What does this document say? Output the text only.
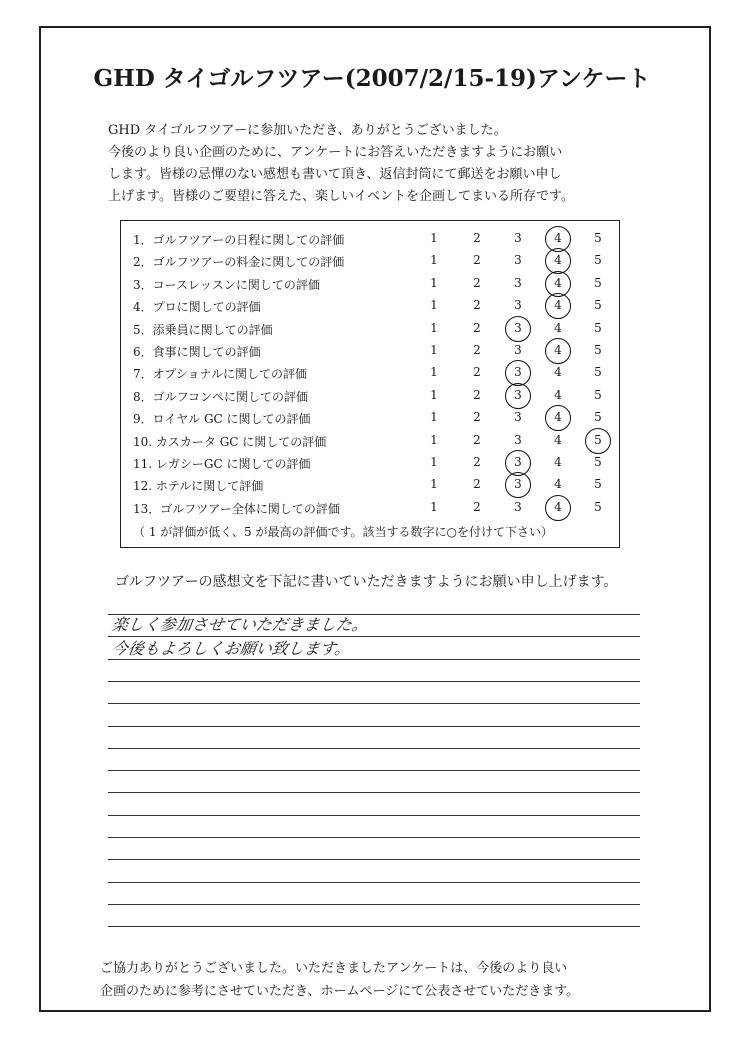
GHD タイゴルフツアー(2007/2/15-19)アンケート

GHD タイゴルフツアーに参加いただき、ありがとうございました。

今後のより良い企画のために、アンケートにお答えいただきますようにお願い

します。皆様の忌憚のない感想も書いて頂き、返信封筒にて郵送をお願い申し

上げます。皆様のご要望に答えた、楽しいイベントを企画してまいる所存です。

（ 1 が評価が低く、5 が最高の評価です。該当する数字に○を付けて下さい）
1．ゴルフツアーの日程に関しての評価	1	2	3	4	5
2．ゴルフツアーの料金に関しての評価	1	2	3	4	5
3．コースレッスンに関しての評価	1	2	3	4	5
4．プロに関しての評価	1	2	3	4	5
5．添乗員に関しての評価	1	2	3	4	5
6．食事に関しての評価	1	2	3	4	5
7．オプショナルに関しての評価	1	2	3	4	5
8．ゴルフコンペに関しての評価	1	2	3	4	5
9．ロイヤル GC に関しての評価	1	2	3	4	5
10. カスカータ GC に関しての評価	1	2	3	4	5
11. レガシーGC に関しての評価	1	2	3	4	5
12. ホテルに関して評価	1	2	3	4	5
13．ゴルフツアー全体に関しての評価	1	2	3	4	5

ゴルフツアーの感想文を下記に書いていただきますようにお願い申し上げます。

楽しく参加させていただきました。
今後もよろしくお願い致します。

ご協力ありがとうございました。いただきましたアンケートは、今後のより良い

企画のために参考にさせていただき、ホームページにて公表させていただきます。
